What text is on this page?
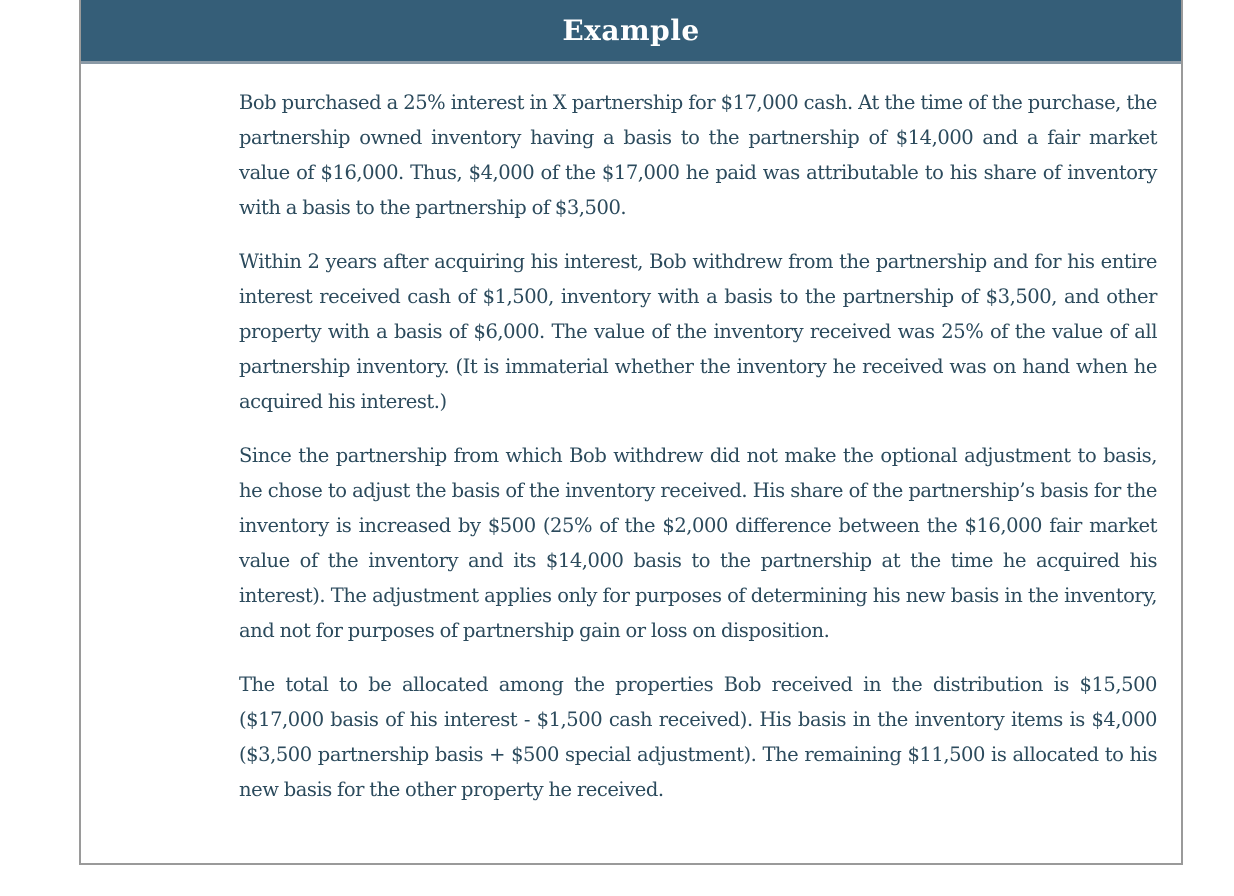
Example

Bob purchased a 25% interest in X partnership for $17,000 cash. At the time of the purchase, the partnership owned inventory having a basis to the partnership of $14,000 and a fair market value of $16,000. Thus, $4,000 of the $17,000 he paid was attributable to his share of inventory with a basis to the partnership of $3,500.

Within 2 years after acquiring his interest, Bob withdrew from the partnership and for his entire interest received cash of $1,500, inventory with a basis to the partnership of $3,500, and other property with a basis of $6,000. The value of the inventory received was 25% of the value of all partnership inventory. (It is immaterial whether the inventory he received was on hand when he acquired his interest.)

Since the partnership from which Bob withdrew did not make the optional adjustment to basis, he chose to adjust the basis of the inventory received. His share of the partnership’s basis for the inventory is increased by $500 (25% of the $2,000 difference between the $16,000 fair market value of the inventory and its $14,000 basis to the partnership at the time he acquired his interest). The adjustment applies only for purposes of determining his new basis in the inventory, and not for purposes of partnership gain or loss on disposition.

The total to be allocated among the properties Bob received in the distribution is $15,500 ($17,000 basis of his interest - $1,500 cash received). His basis in the inventory items is $4,000 ($3,500 partnership basis + $500 special adjustment). The remaining $11,500 is allocated to his new basis for the other property he received.
